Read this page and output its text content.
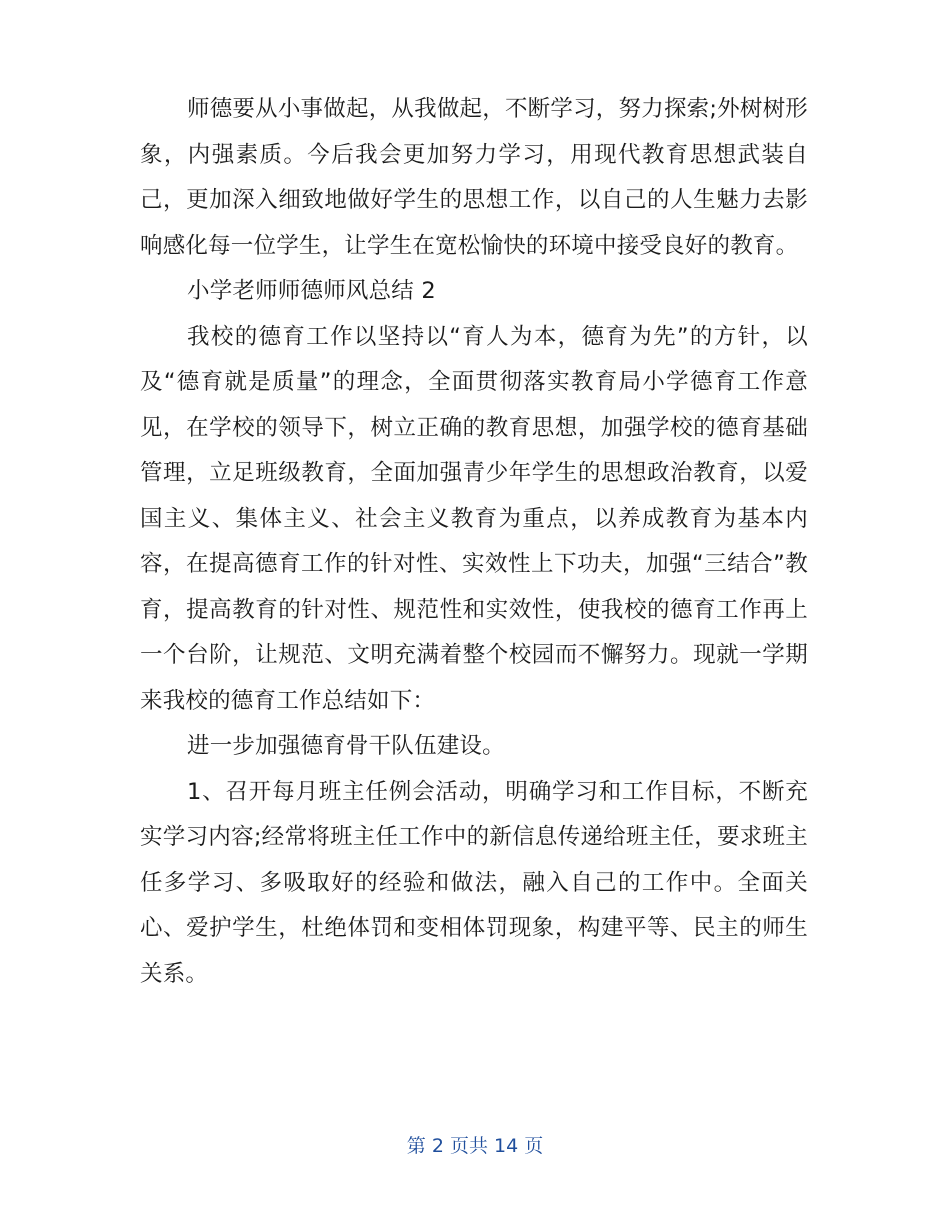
师德要从小事做起，从我做起，不断学习，努力探索;外树树形象，内强素质。今后我会更加努力学习，用现代教育思想武装自己，更加深入细致地做好学生的思想工作，以自己的人生魅力去影响感化每一位学生，让学生在宽松愉快的环境中接受良好的教育。

小学老师师德师风总结 2

我校的德育工作以坚持以“育人为本，德育为先”的方针，以及“德育就是质量”的理念，全面贯彻落实教育局小学德育工作意见，在学校的领导下，树立正确的教育思想，加强学校的德育基础管理，立足班级教育，全面加强青少年学生的思想政治教育，以爱国主义、集体主义、社会主义教育为重点，以养成教育为基本内容，在提高德育工作的针对性、实效性上下功夫，加强“三结合”教育，提高教育的针对性、规范性和实效性，使我校的德育工作再上一个台阶，让规范、文明充满着整个校园而不懈努力。现就一学期来我校的德育工作总结如下：

进一步加强德育骨干队伍建设。

1、召开每月班主任例会活动，明确学习和工作目标，不断充实学习内容;经常将班主任工作中的新信息传递给班主任，要求班主任多学习、多吸取好的经验和做法，融入自己的工作中。全面关心、爱护学生，杜绝体罚和变相体罚现象，构建平等、民主的师生关系。

第 2 页共 14 页
